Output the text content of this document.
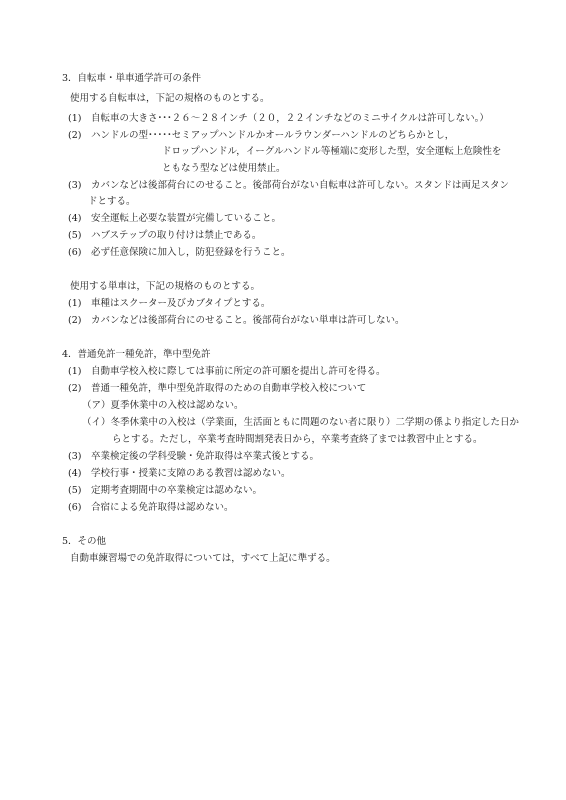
3．自転車・単車通学許可の条件
使用する自転車は，下記の規格のものとする。
(1)　自転車の大きさ･･･２６～２８インチ（２０，２２インチなどのミニサイクルは許可しない。）
(2)　ハンドルの型･････セミアップハンドルかオールラウンダーハンドルのどちらかとし，
ドロップハンドル，イーグルハンドル等極端に変形した型，安全運転上危険性を
ともなう型などは使用禁止。
(3)　カバンなどは後部荷台にのせること。後部荷台がない自転車は許可しない。スタンドは両足スタン
ドとする。
(4)　安全運転上必要な装置が完備していること。
(5)　ハブステップの取り付けは禁止である。
(6)　必ず任意保険に加入し，防犯登録を行うこと。
使用する単車は，下記の規格のものとする。
(1)　車種はスクーター及びカブタイプとする。
(2)　カバンなどは後部荷台にのせること。後部荷台がない単車は許可しない。
4．普通免許一種免許，準中型免許
(1)　自動車学校入校に際しては事前に所定の許可願を提出し許可を得る。
(2)　普通一種免許，準中型免許取得のための自動車学校入校について
（ア）夏季休業中の入校は認めない。
（イ）冬季休業中の入校は（学業面，生活面ともに問題のない者に限り）二学期の係より指定した日か
らとする。ただし，卒業考査時間割発表日から，卒業考査終了までは教習中止とする。
(3)　卒業検定後の学科受験・免許取得は卒業式後とする。
(4)　学校行事・授業に支障のある教習は認めない。
(5)　定期考査期間中の卒業検定は認めない。
(6)　合宿による免許取得は認めない。
5．その他
自動車練習場での免許取得については，すべて上記に準ずる。
